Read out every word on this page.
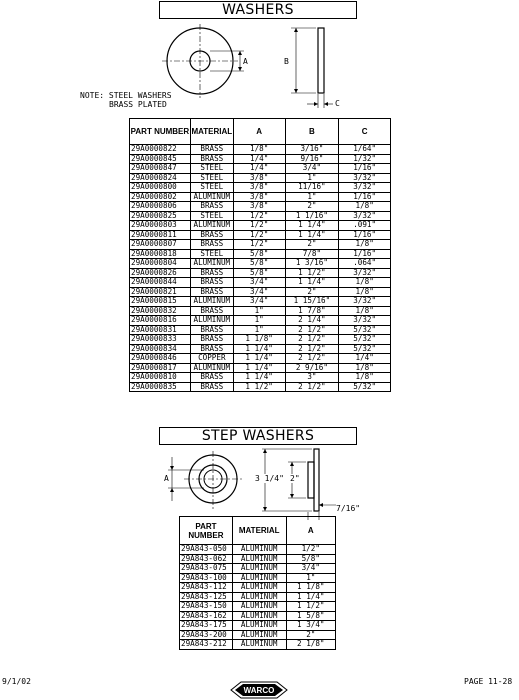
WASHERS
A	B
C
NOTE: STEEL WASHERS
BRASS PLATED
PART NUMBER	MATERIAL	A	B	C
29A0000822	BRASS	1/8"	3/16"	1/64"
29A0000845	BRASS	1/4"	9/16"	1/32"
29A0000847	STEEL	1/4"	3/4"	1/16"
29A0000824	STEEL	3/8"	1"	3/32"
29A0000800	STEEL	3/8"	11/16"	3/32"
29A0000802	ALUMINUM	3/8"	1"	1/16"
29A0000806	BRASS	3/8"	2"	1/8"
29A0000825	STEEL	1/2"	1 1/16"	3/32"
29A0000803	ALUMINUM	1/2"	1 1/4"	.091"
29A0000811	BRASS	1/2"	1 1/4"	1/16"
29A0000807	BRASS	1/2"	2"	1/8"
29A0000818	STEEL	5/8"	7/8"	1/16"
29A0000804	ALUMINUM	5/8"	1 3/16"	.064"
29A0000826	BRASS	5/8"	1 1/2"	3/32"
29A0000844	BRASS	3/4"	1 1/4"	1/8"
29A0000821	BRASS	3/4"	2"	1/8"
29A0000815	ALUMINUM	3/4"	1 15/16"	3/32"
29A0000832	BRASS	1"	1 7/8"	1/8"
29A0000816	ALUMINUM	1"	2 1/4"	3/32"
29A0000831	BRASS	1"	2 1/2"	5/32"
29A0000833	BRASS	1 1/8"	2 1/2"	5/32"
29A0000834	BRASS	1 1/4"	2 1/2"	5/32"
29A0000846	COPPER	1 1/4"	2 1/2"	1/4"
29A0000817	ALUMINUM	1 1/4"	2 9/16"	1/8"
29A0000810	BRASS	1 1/4"	3"	1/8"
29A0000835	BRASS	1 1/2"	2 1/2"	5/32"
STEP WASHERS
A	3 1/4" 2"
7/16"
PART NUMBER	MATERIAL	A
29A843-050	ALUMINUM	1/2"
29A843-062	ALUMINUM	5/8"
29A843-075	ALUMINUM	3/4"
29A843-100	ALUMINUM	1"
29A843-112	ALUMINUM	1 1/8"
29A843-125	ALUMINUM	1 1/4"
29A843-150	ALUMINUM	1 1/2"
29A843-162	ALUMINUM	1 5/8"
29A843-175	ALUMINUM	1 3/4"
29A843-200	ALUMINUM	2"
29A843-212	ALUMINUM	2 1/8"
9/1/02
WARCO
PAGE 11-28
